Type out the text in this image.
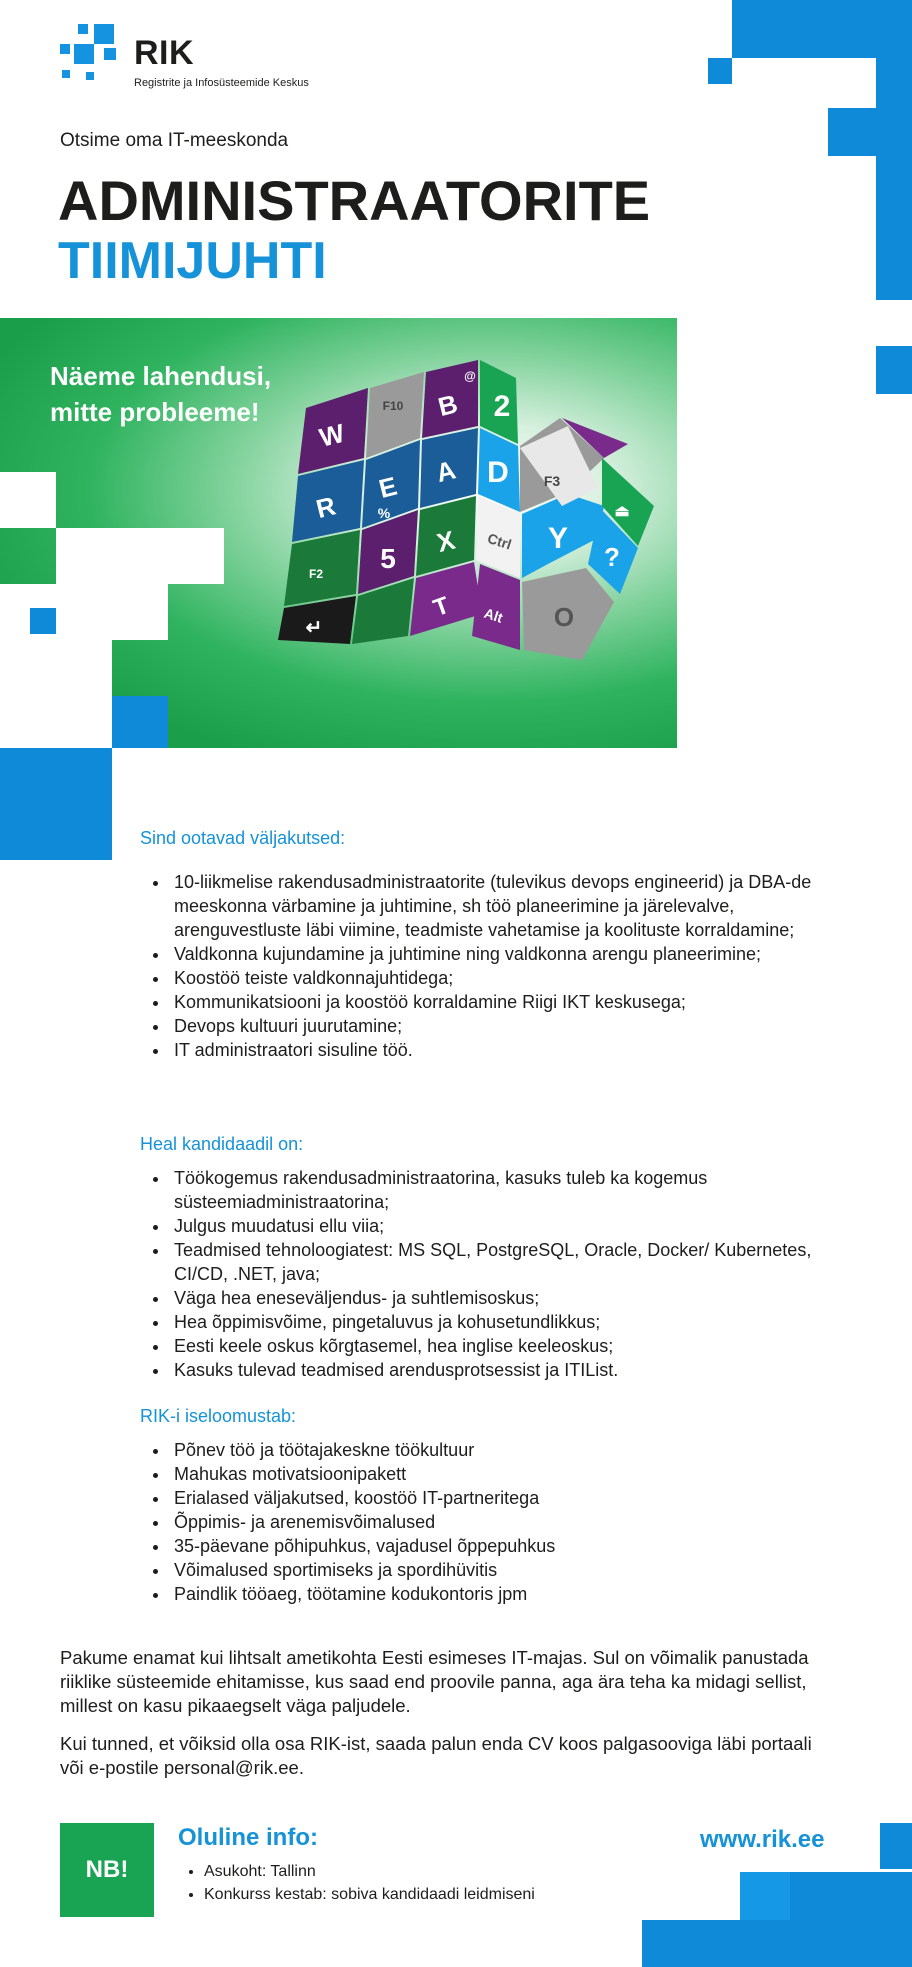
RIK
Registrite ja Infosüsteemide Keskus
Otsime oma IT-meeskonda
ADMINISTRAATORITE
TIIMIJUHTI
Näeme lahendusi,
mitte probleeme!
W
F10 B
@
2
R
E A D
F2
%
5
X Ctrl
↵
T
Y
F3
⏏
?
Alt O
Sind ootavad väljakutsed:
• 10-liikmelise rakendusadministraatorite (tulevikus devops engineerid) ja DBA-de meeskonna värbamine ja juhtimine, sh töö planeerimine ja järelevalve, arenguvestluste läbi viimine, teadmiste vahetamise ja koolituste korraldamine;
• Valdkonna kujundamine ja juhtimine ning valdkonna arengu planeerimine;
• Koostöö teiste valdkonnajuhtidega;
• Kommunikatsiooni ja koostöö korraldamine Riigi IKT keskusega;
• Devops kultuuri juurutamine;
• IT administraatori sisuline töö.
Heal kandidaadil on:
• Töökogemus rakendusadministraatorina, kasuks tuleb ka kogemus süsteemiadministraatorina;
• Julgus muudatusi ellu viia;
• Teadmised tehnoloogiatest: MS SQL, PostgreSQL, Oracle, Docker/ Kubernetes, CI/CD, .NET, java;
• Väga hea eneseväljendus- ja suhtlemisoskus;
• Hea õppimisvõime, pingetaluvus ja kohusetundlikkus;
• Eesti keele oskus kõrgtasemel, hea inglise keeleoskus;
• Kasuks tulevad teadmised arendusprotsessist ja ITIList.
RIK-i iseloomustab:
• Põnev töö ja töötajakeskne töökultuur
• Mahukas motivatsioonipakett
• Erialased väljakutsed, koostöö IT-partneritega
• Õppimis- ja arenemisvõimalused
• 35-päevane põhipuhkus, vajadusel õppepuhkus
• Võimalused sportimiseks ja spordihüvitis
• Paindlik tööaeg, töötamine kodukontoris jpm
Pakume enamat kui lihtsalt ametikohta Eesti esimeses IT-majas. Sul on võimalik panustada riiklike süsteemide ehitamisse, kus saad end proovile panna, aga ära teha ka midagi sellist, millest on kasu pikaaegselt väga paljudele.
Kui tunned, et võiksid olla osa RIK-ist, saada palun enda CV koos palgasooviga läbi portaali või e-postile personal@rik.ee.
NB!
Oluline info:
• Asukoht: Tallinn
• Konkurss kestab: sobiva kandidaadi leidmiseni
www.rik.ee
